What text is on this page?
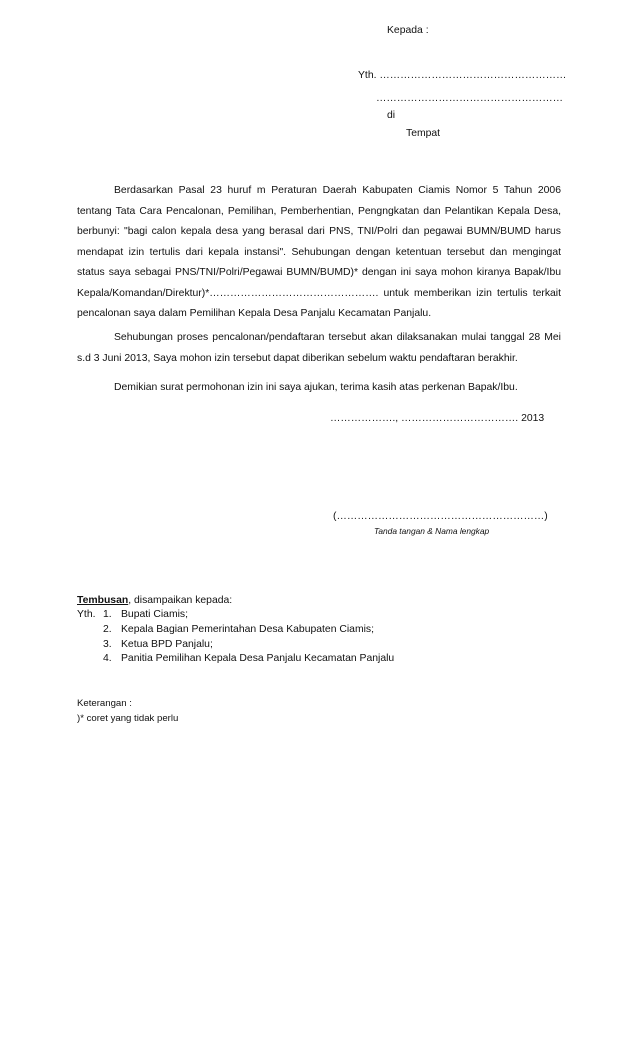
Kepada :
Yth. ………………………………………………
………………………………………………
di
Tempat
Berdasarkan Pasal 23 huruf m Peraturan Daerah Kabupaten Ciamis Nomor 5 Tahun 2006
tentang Tata Cara Pencalonan, Pemilihan, Pemberhentian, Pengngkatan dan Pelantikan Kepala Desa,
berbunyi: "bagi calon kepala desa yang berasal dari PNS, TNI/Polri dan pegawai BUMN/BUMD harus
mendapat izin tertulis dari kepala instansi". Sehubungan dengan ketentuan tersebut dan mengingat
status saya sebagai PNS/TNI/Polri/Pegawai BUMN/BUMD)* dengan ini saya mohon kiranya Bapak/Ibu
Kepala/Komandan/Direktur)*…………………………………………. untuk memberikan izin tertulis terkait
pencalonan saya dalam Pemilihan Kepala Desa Panjalu Kecamatan Panjalu.
Sehubungan proses pencalonan/pendaftaran tersebut akan dilaksanakan mulai tanggal 28 Mei
s.d 3 Juni 2013, Saya mohon izin tersebut dapat diberikan sebelum waktu pendaftaran berakhir.
Demikian surat permohonan izin ini saya ajukan, terima kasih atas perkenan Bapak/Ibu.
………………., ……………………………. 2013
(……………………………………………………)
Tanda tangan & Nama lengkap
Tembusan, disampaikan kepada:
Yth. 1. Bupati Ciamis;
2. Kepala Bagian Pemerintahan Desa Kabupaten Ciamis;
3. Ketua BPD Panjalu;
4. Panitia Pemilihan Kepala Desa Panjalu Kecamatan Panjalu
Keterangan :
)* coret yang tidak perlu
